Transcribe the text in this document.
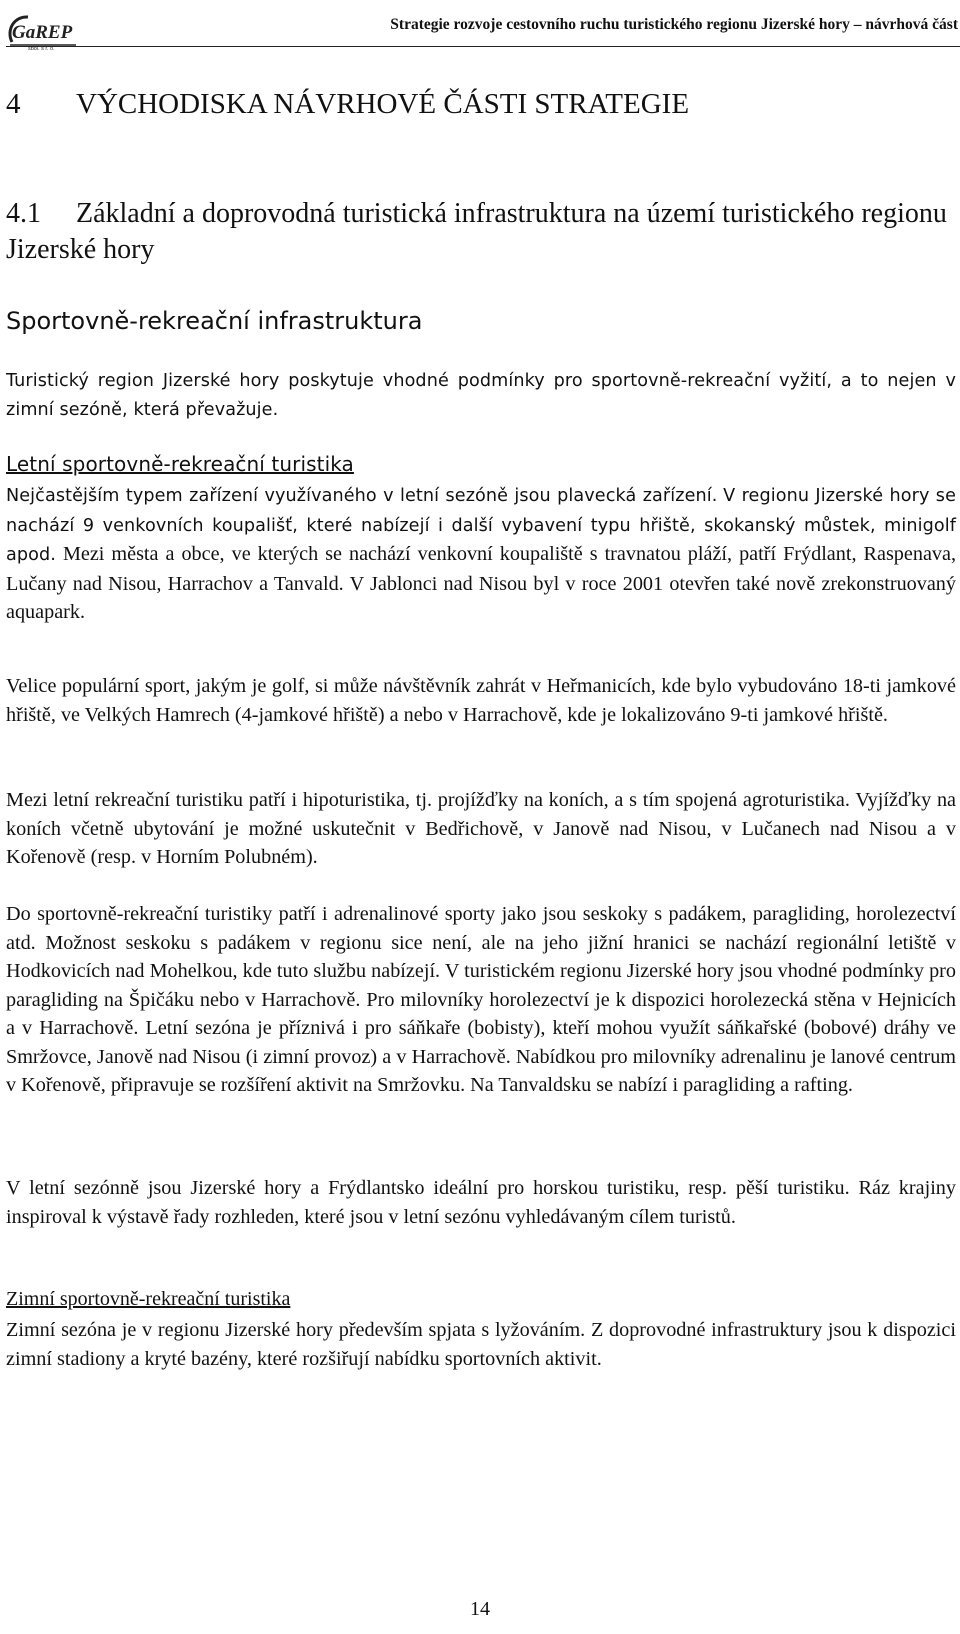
GaREP
spol. s r. o.
Strategie rozvoje cestovního ruchu turistického regionu Jizerské hory – návrhová část
4 VÝCHODISKA NÁVRHOVÉ ČÁSTI STRATEGIE
4.1 Základní a doprovodná turistická infrastruktura na území turistického regionu Jizerské hory
Sportovně-rekreační infrastruktura

Turistický region Jizerské hory poskytuje vhodné podmínky pro sportovně-rekreační vyžití, a to nejen v zimní sezóně, která převažuje.

Letní sportovně-rekreační turistika

Nejčastějším typem zařízení využívaného v letní sezóně jsou plavecká zařízení. V regionu Jizerské hory se nachází 9 venkovních koupališť, které nabízejí i další vybavení typu hřiště, skokanský můstek, minigolf apod. Mezi města a obce, ve kterých se nachází venkovní koupaliště s travnatou pláží, patří Frýdlant, Raspenava, Lučany nad Nisou, Harrachov a Tanvald. V Jablonci nad Nisou byl v roce 2001 otevřen také nově zrekonstruovaný aquapark.

Velice populární sport, jakým je golf, si může návštěvník zahrát v Heřmanicích, kde bylo vybudováno 18-ti jamkové hřiště, ve Velkých Hamrech (4-jamkové hřiště) a nebo v Harrachově, kde je lokalizováno 9-ti jamkové hřiště.

Mezi letní rekreační turistiku patří i hipoturistika, tj. projížďky na koních, a s tím spojená agroturistika. Vyjížďky na koních včetně ubytování je možné uskutečnit v Bedřichově, v Janově nad Nisou, v Lučanech nad Nisou a v Kořenově (resp. v Horním Polubném).

Do sportovně-rekreační turistiky patří i adrenalinové sporty jako jsou seskoky s padákem, paragliding, horolezectví atd. Možnost seskoku s padákem v regionu sice není, ale na jeho jižní hranici se nachází regionální letiště v Hodkovicích nad Mohelkou, kde tuto službu nabízejí. V turistickém regionu Jizerské hory jsou vhodné podmínky pro paragliding na Špičáku nebo v Harrachově. Pro milovníky horolezectví je k dispozici horolezecká stěna v Hejnicích a v Harrachově. Letní sezóna je příznivá i pro sáňkaře (bobisty), kteří mohou využít sáňkařské (bobové) dráhy ve Smržovce, Janově nad Nisou (i zimní provoz) a v Harrachově. Nabídkou pro milovníky adrenalinu je lanové centrum v Kořenově, připravuje se rozšíření aktivit na Smržovku. Na Tanvaldsku se nabízí i paragliding a rafting.

V letní sezónně jsou Jizerské hory a Frýdlantsko ideální pro horskou turistiku, resp. pěší turistiku. Ráz krajiny inspiroval k výstavě řady rozhleden, které jsou v letní sezónu vyhledávaným cílem turistů.

Zimní sportovně-rekreační turistika

Zimní sezóna je v regionu Jizerské hory především spjata s lyžováním. Z doprovodné infrastruktury jsou k dispozici zimní stadiony a kryté bazény, které rozšiřují nabídku sportovních aktivit.

14
